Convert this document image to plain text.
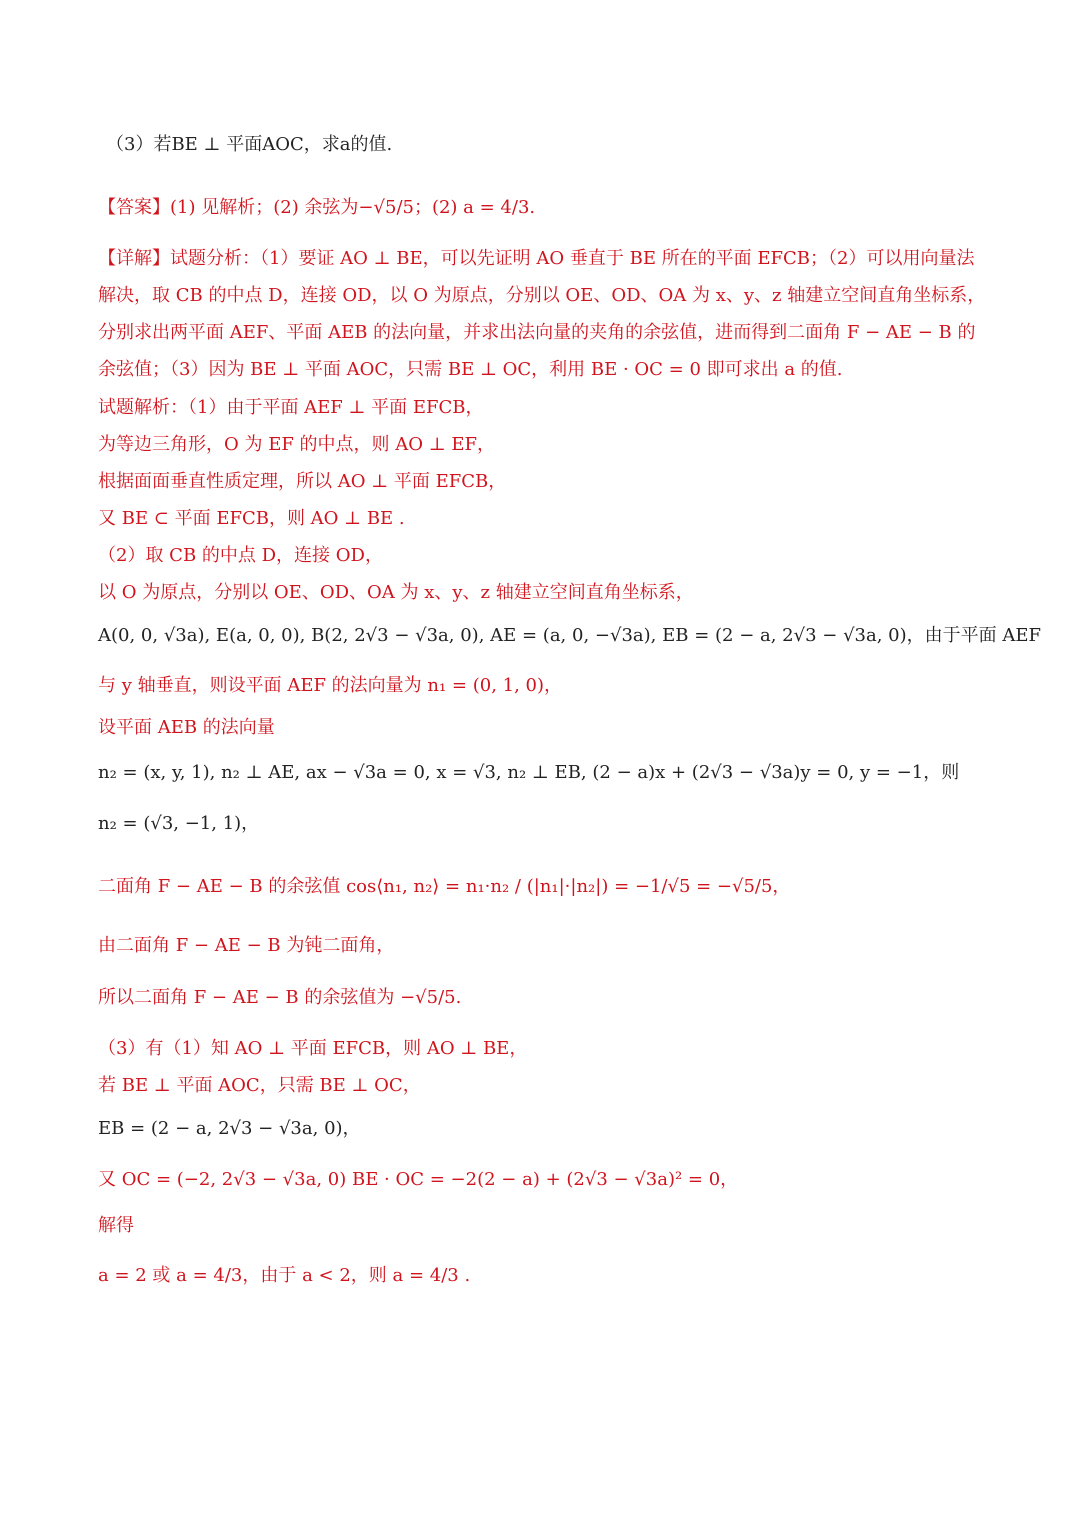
（3）若BE ⊥ 平面AOC，求a的值.
【答案】(1) 见解析；(2) 余弦为−√5/5；(2) a = 4/3.
【详解】试题分析：（1）要证 AO ⊥ BE，可以先证明 AO 垂直于 BE 所在的平面 EFCB；（2）可以用向量法
解决，取 CB 的中点 D，连接 OD，以 O 为原点，分别以 OE、OD、OA 为 x、y、z 轴建立空间直角坐标系，
分别求出两平面 AEF、平面 AEB 的法向量，并求出法向量的夹角的余弦值，进而得到二面角 F − AE − B 的
余弦值；（3）因为 BE ⊥ 平面 AOC，只需 BE ⊥ OC，利用 BE · OC = 0 即可求出 a 的值.
试题解析：（1）由于平面 AEF ⊥ 平面 EFCB，
为等边三角形，O 为 EF 的中点，则 AO ⊥ EF，
根据面面垂直性质定理，所以 AO ⊥ 平面 EFCB，
又 BE ⊂ 平面 EFCB，则 AO ⊥ BE .
（2）取 CB 的中点 D，连接 OD，
以 O 为原点，分别以 OE、OD、OA 为 x、y、z 轴建立空间直角坐标系，
A(0, 0, √3a), E(a, 0, 0), B(2, 2√3 − √3a, 0), AE = (a, 0, −√3a), EB = (2 − a, 2√3 − √3a, 0)，由于平面 AEF
与 y 轴垂直，则设平面 AEF 的法向量为 n₁ = (0, 1, 0)，
设平面 AEB 的法向量
n₂ = (x, y, 1), n₂ ⊥ AE, ax − √3a = 0, x = √3, n₂ ⊥ EB, (2 − a)x + (2√3 − √3a)y = 0, y = −1，则
n₂ = (√3, −1, 1)，
二面角 F − AE − B 的余弦值 cos⟨n₁, n₂⟩ = n₁·n₂ / (|n₁|·|n₂|) = −1/√5 = −√5/5，
由二面角 F − AE − B 为钝二面角，
所以二面角 F − AE − B 的余弦值为 −√5/5.
（3）有（1）知 AO ⊥ 平面 EFCB，则 AO ⊥ BE，
若 BE ⊥ 平面 AOC，只需 BE ⊥ OC，
EB = (2 − a, 2√3 − √3a, 0)，
又 OC = (−2, 2√3 − √3a, 0) BE · OC = −2(2 − a) + (2√3 − √3a)² = 0，
解得
a = 2 或 a = 4/3，由于 a < 2，则 a = 4/3 .
